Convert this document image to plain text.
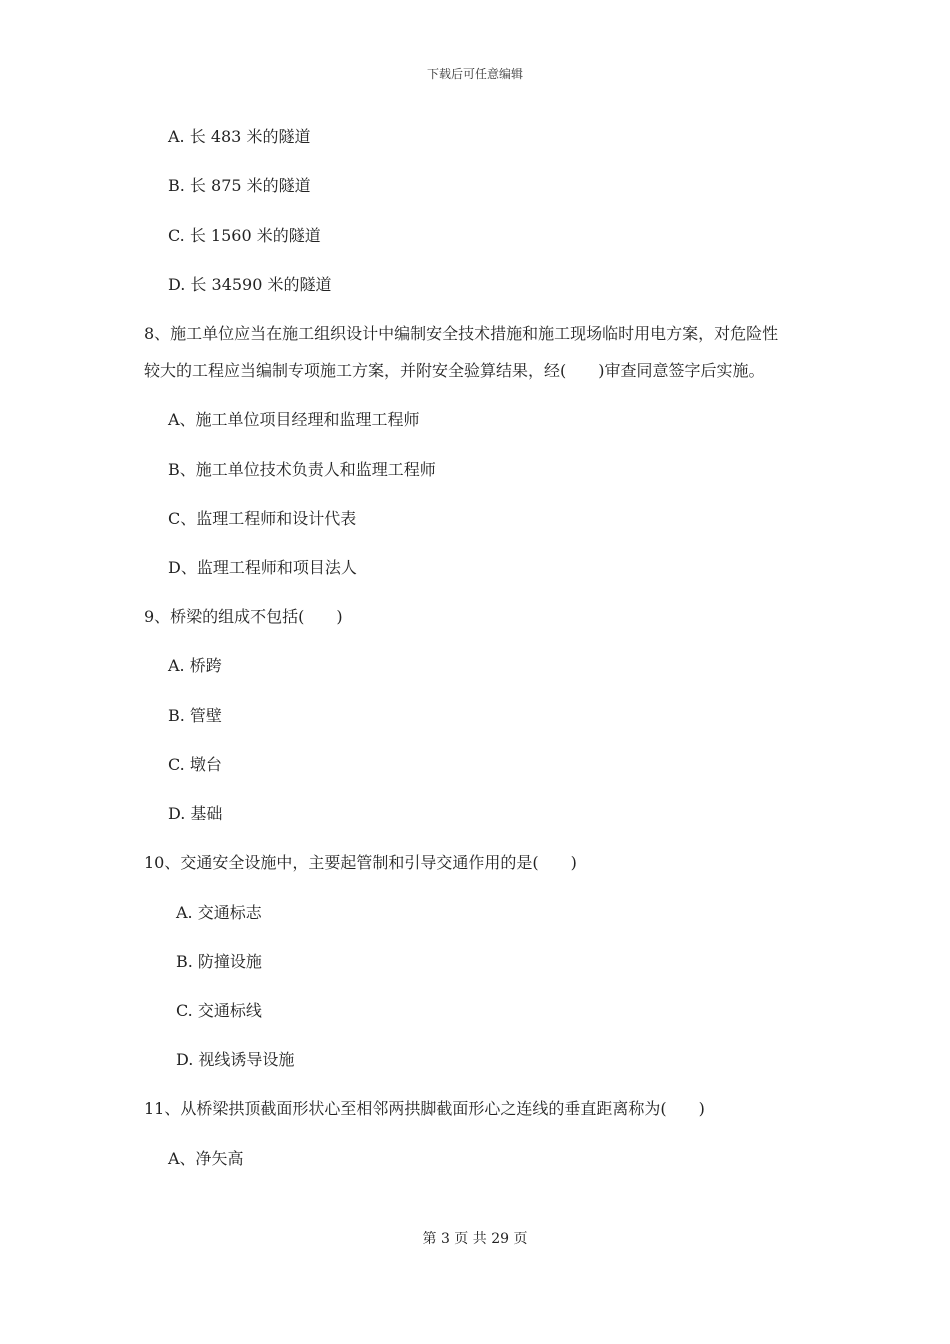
下载后可任意编辑
A. 长 483 米的隧道
B. 长 875 米的隧道
C. 长 1560 米的隧道
D. 长 34590 米的隧道
8、施工单位应当在施工组织设计中编制安全技术措施和施工现场临时用电方案，对危险性
较大的工程应当编制专项施工方案，并附安全验算结果，经(　　)审查同意签字后实施。
A、施工单位项目经理和监理工程师
B、施工单位技术负责人和监理工程师
C、监理工程师和设计代表
D、监理工程师和项目法人
9、桥梁的组成不包括(　　)
A. 桥跨
B. 管壁
C. 墩台
D. 基础
10、交通安全设施中，主要起管制和引导交通作用的是(　　)
A. 交通标志
B. 防撞设施
C. 交通标线
D. 视线诱导设施
11、从桥梁拱顶截面形状心至相邻两拱脚截面形心之连线的垂直距离称为(　　)
A、净矢高
第 3 页 共 29 页
